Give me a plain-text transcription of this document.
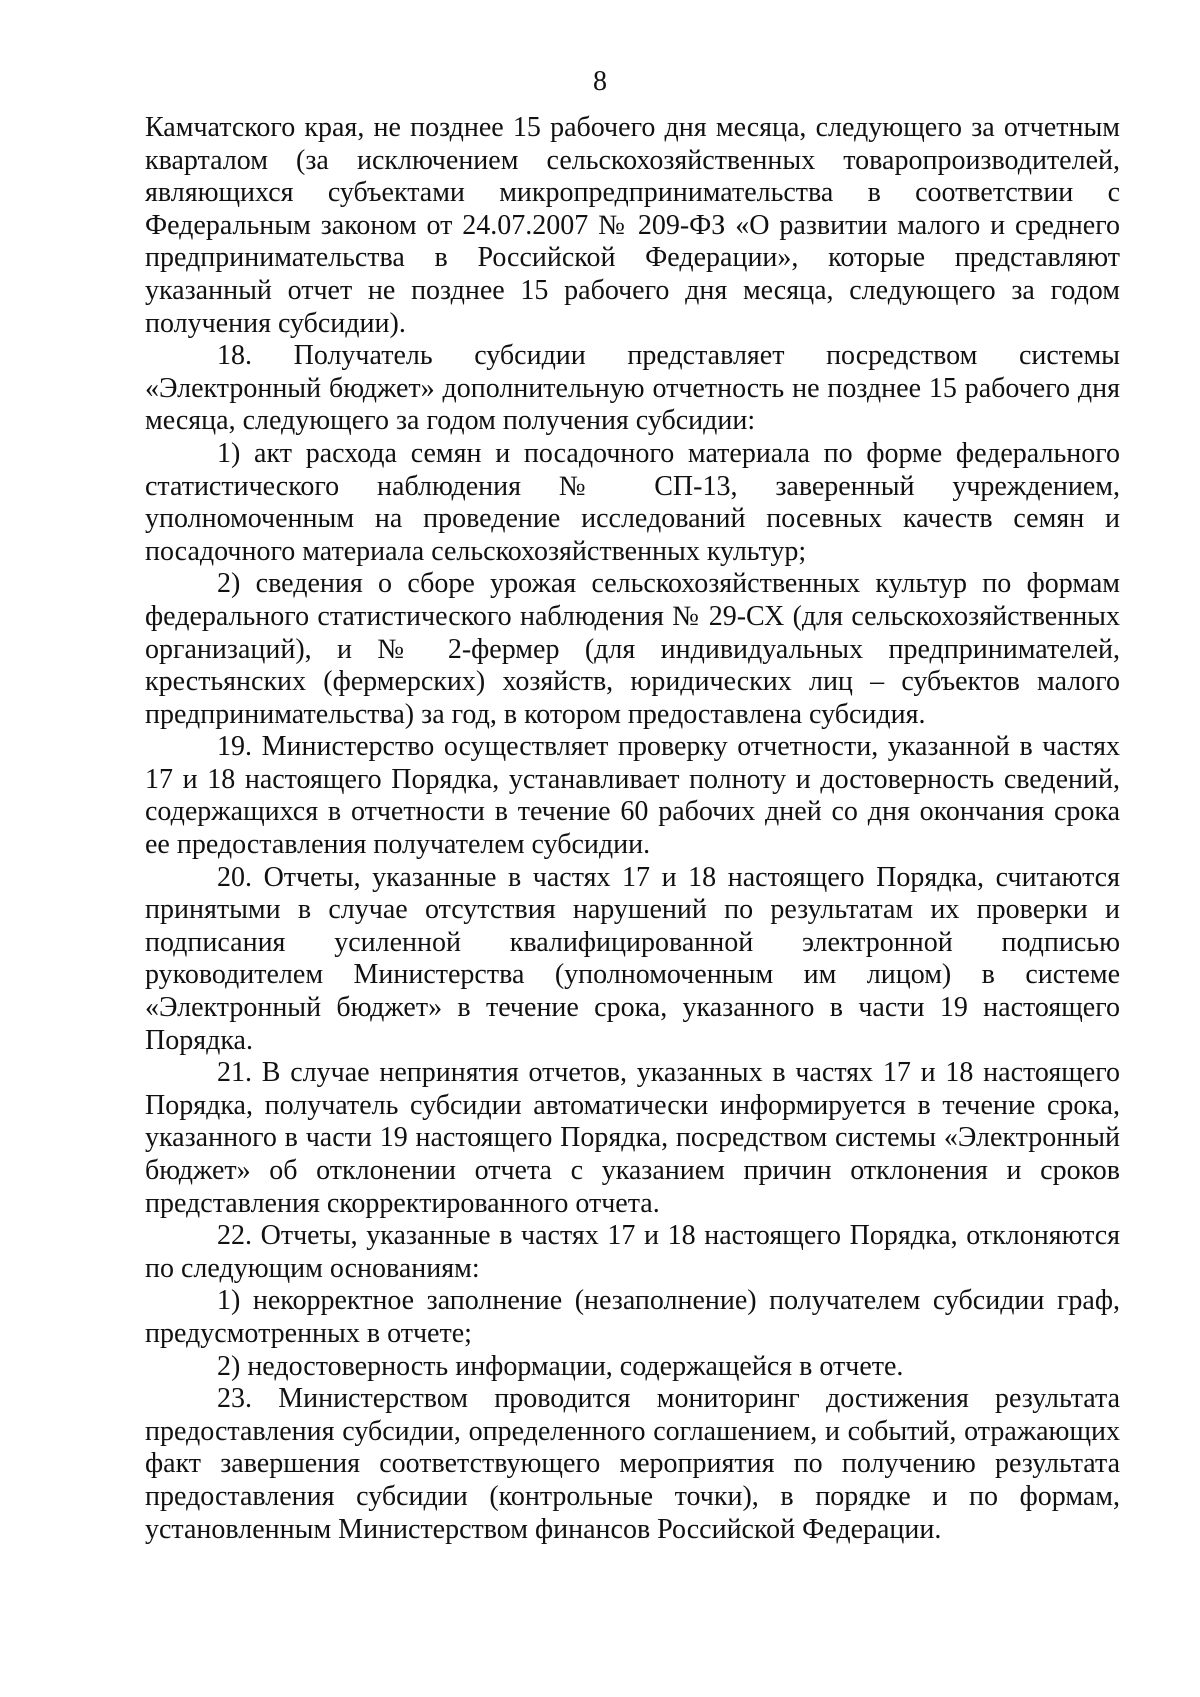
8

Камчатского края, не позднее 15 рабочего дня месяца, следующего за отчетным кварталом (за исключением сельскохозяйственных товаропроизводителей, являющихся субъектами микропредпринимательства в соответствии с Федеральным законом от 24.07.2007 № 209-ФЗ «О развитии малого и среднего предпринимательства в Российской Федерации», которые представляют указанный отчет не позднее 15 рабочего дня месяца, следующего за годом получения субсидии).

18. Получатель субсидии представляет посредством системы «Электронный бюджет» дополнительную отчетность не позднее 15 рабочего дня месяца, следующего за годом получения субсидии:

1) акт расхода семян и посадочного материала по форме федерального статистического наблюдения № СП-13, заверенный учреждением, уполномоченным на проведение исследований посевных качеств семян и посадочного материала сельскохозяйственных культур;

2) сведения о сборе урожая сельскохозяйственных культур по формам федерального статистического наблюдения № 29-СХ (для сельскохозяйственных организаций), и № 2-фермер (для индивидуальных предпринимателей, крестьянских (фермерских) хозяйств, юридических лиц – субъектов малого предпринимательства) за год, в котором предоставлена субсидия.

19. Министерство осуществляет проверку отчетности, указанной в частях 17 и 18 настоящего Порядка, устанавливает полноту и достоверность сведений, содержащихся в отчетности в течение 60 рабочих дней со дня окончания срока ее предоставления получателем субсидии.

20. Отчеты, указанные в частях 17 и 18 настоящего Порядка, считаются принятыми в случае отсутствия нарушений по результатам их проверки и подписания усиленной квалифицированной электронной подписью руководителем Министерства (уполномоченным им лицом) в системе «Электронный бюджет» в течение срока, указанного в части 19 настоящего Порядка.

21. В случае непринятия отчетов, указанных в частях 17 и 18 настоящего Порядка, получатель субсидии автоматически информируется в течение срока, указанного в части 19 настоящего Порядка, посредством системы «Электронный бюджет» об отклонении отчета с указанием причин отклонения и сроков представления скорректированного отчета.

22. Отчеты, указанные в частях 17 и 18 настоящего Порядка, отклоняются по следующим основаниям:

1) некорректное заполнение (незаполнение) получателем субсидии граф, предусмотренных в отчете;

2) недостоверность информации, содержащейся в отчете.

23. Министерством проводится мониторинг достижения результата предоставления субсидии, определенного соглашением, и событий, отражающих факт завершения соответствующего мероприятия по получению результата предоставления субсидии (контрольные точки), в порядке и по формам, установленным Министерством финансов Российской Федерации.
